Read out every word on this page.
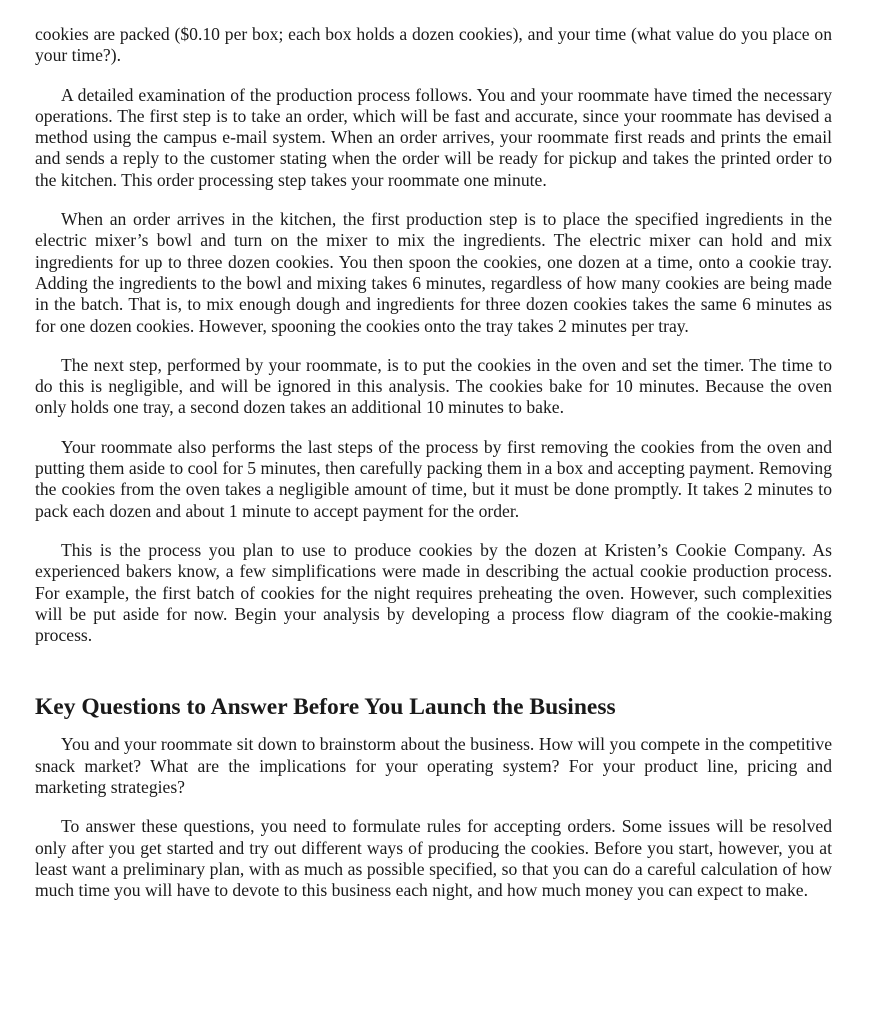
cookies are packed ($0.10 per box; each box holds a dozen cookies), and your time (what value do you place on your time?).

A detailed examination of the production process follows. You and your roommate have timed the necessary operations. The first step is to take an order, which will be fast and accurate, since your roommate has devised a method using the campus e-mail system. When an order arrives, your roommate first reads and prints the email and sends a reply to the customer stating when the order will be ready for pickup and takes the printed order to the kitchen. This order processing step takes your roommate one minute.

When an order arrives in the kitchen, the first production step is to place the specified ingredients in the electric mixer’s bowl and turn on the mixer to mix the ingredients. The electric mixer can hold and mix ingredients for up to three dozen cookies. You then spoon the cookies, one dozen at a time, onto a cookie tray. Adding the ingredients to the bowl and mixing takes 6 minutes, regardless of how many cookies are being made in the batch. That is, to mix enough dough and ingredients for three dozen cookies takes the same 6 minutes as for one dozen cookies. However, spooning the cookies onto the tray takes 2 minutes per tray.

The next step, performed by your roommate, is to put the cookies in the oven and set the timer. The time to do this is negligible, and will be ignored in this analysis. The cookies bake for 10 minutes. Because the oven only holds one tray, a second dozen takes an additional 10 minutes to bake.

Your roommate also performs the last steps of the process by first removing the cookies from the oven and putting them aside to cool for 5 minutes, then carefully packing them in a box and accepting payment. Removing the cookies from the oven takes a negligible amount of time, but it must be done promptly. It takes 2 minutes to pack each dozen and about 1 minute to accept payment for the order.

This is the process you plan to use to produce cookies by the dozen at Kristen’s Cookie Company. As experienced bakers know, a few simplifications were made in describing the actual cookie production process. For example, the first batch of cookies for the night requires preheating the oven. However, such complexities will be put aside for now. Begin your analysis by developing a process flow diagram of the cookie-making process.

Key Questions to Answer Before You Launch the Business

You and your roommate sit down to brainstorm about the business. How will you compete in the competitive snack market? What are the implications for your operating system? For your product line, pricing and marketing strategies?

To answer these questions, you need to formulate rules for accepting orders. Some issues will be resolved only after you get started and try out different ways of producing the cookies. Before you start, however, you at least want a preliminary plan, with as much as possible specified, so that you can do a careful calculation of how much time you will have to devote to this business each night, and how much money you can expect to make.
